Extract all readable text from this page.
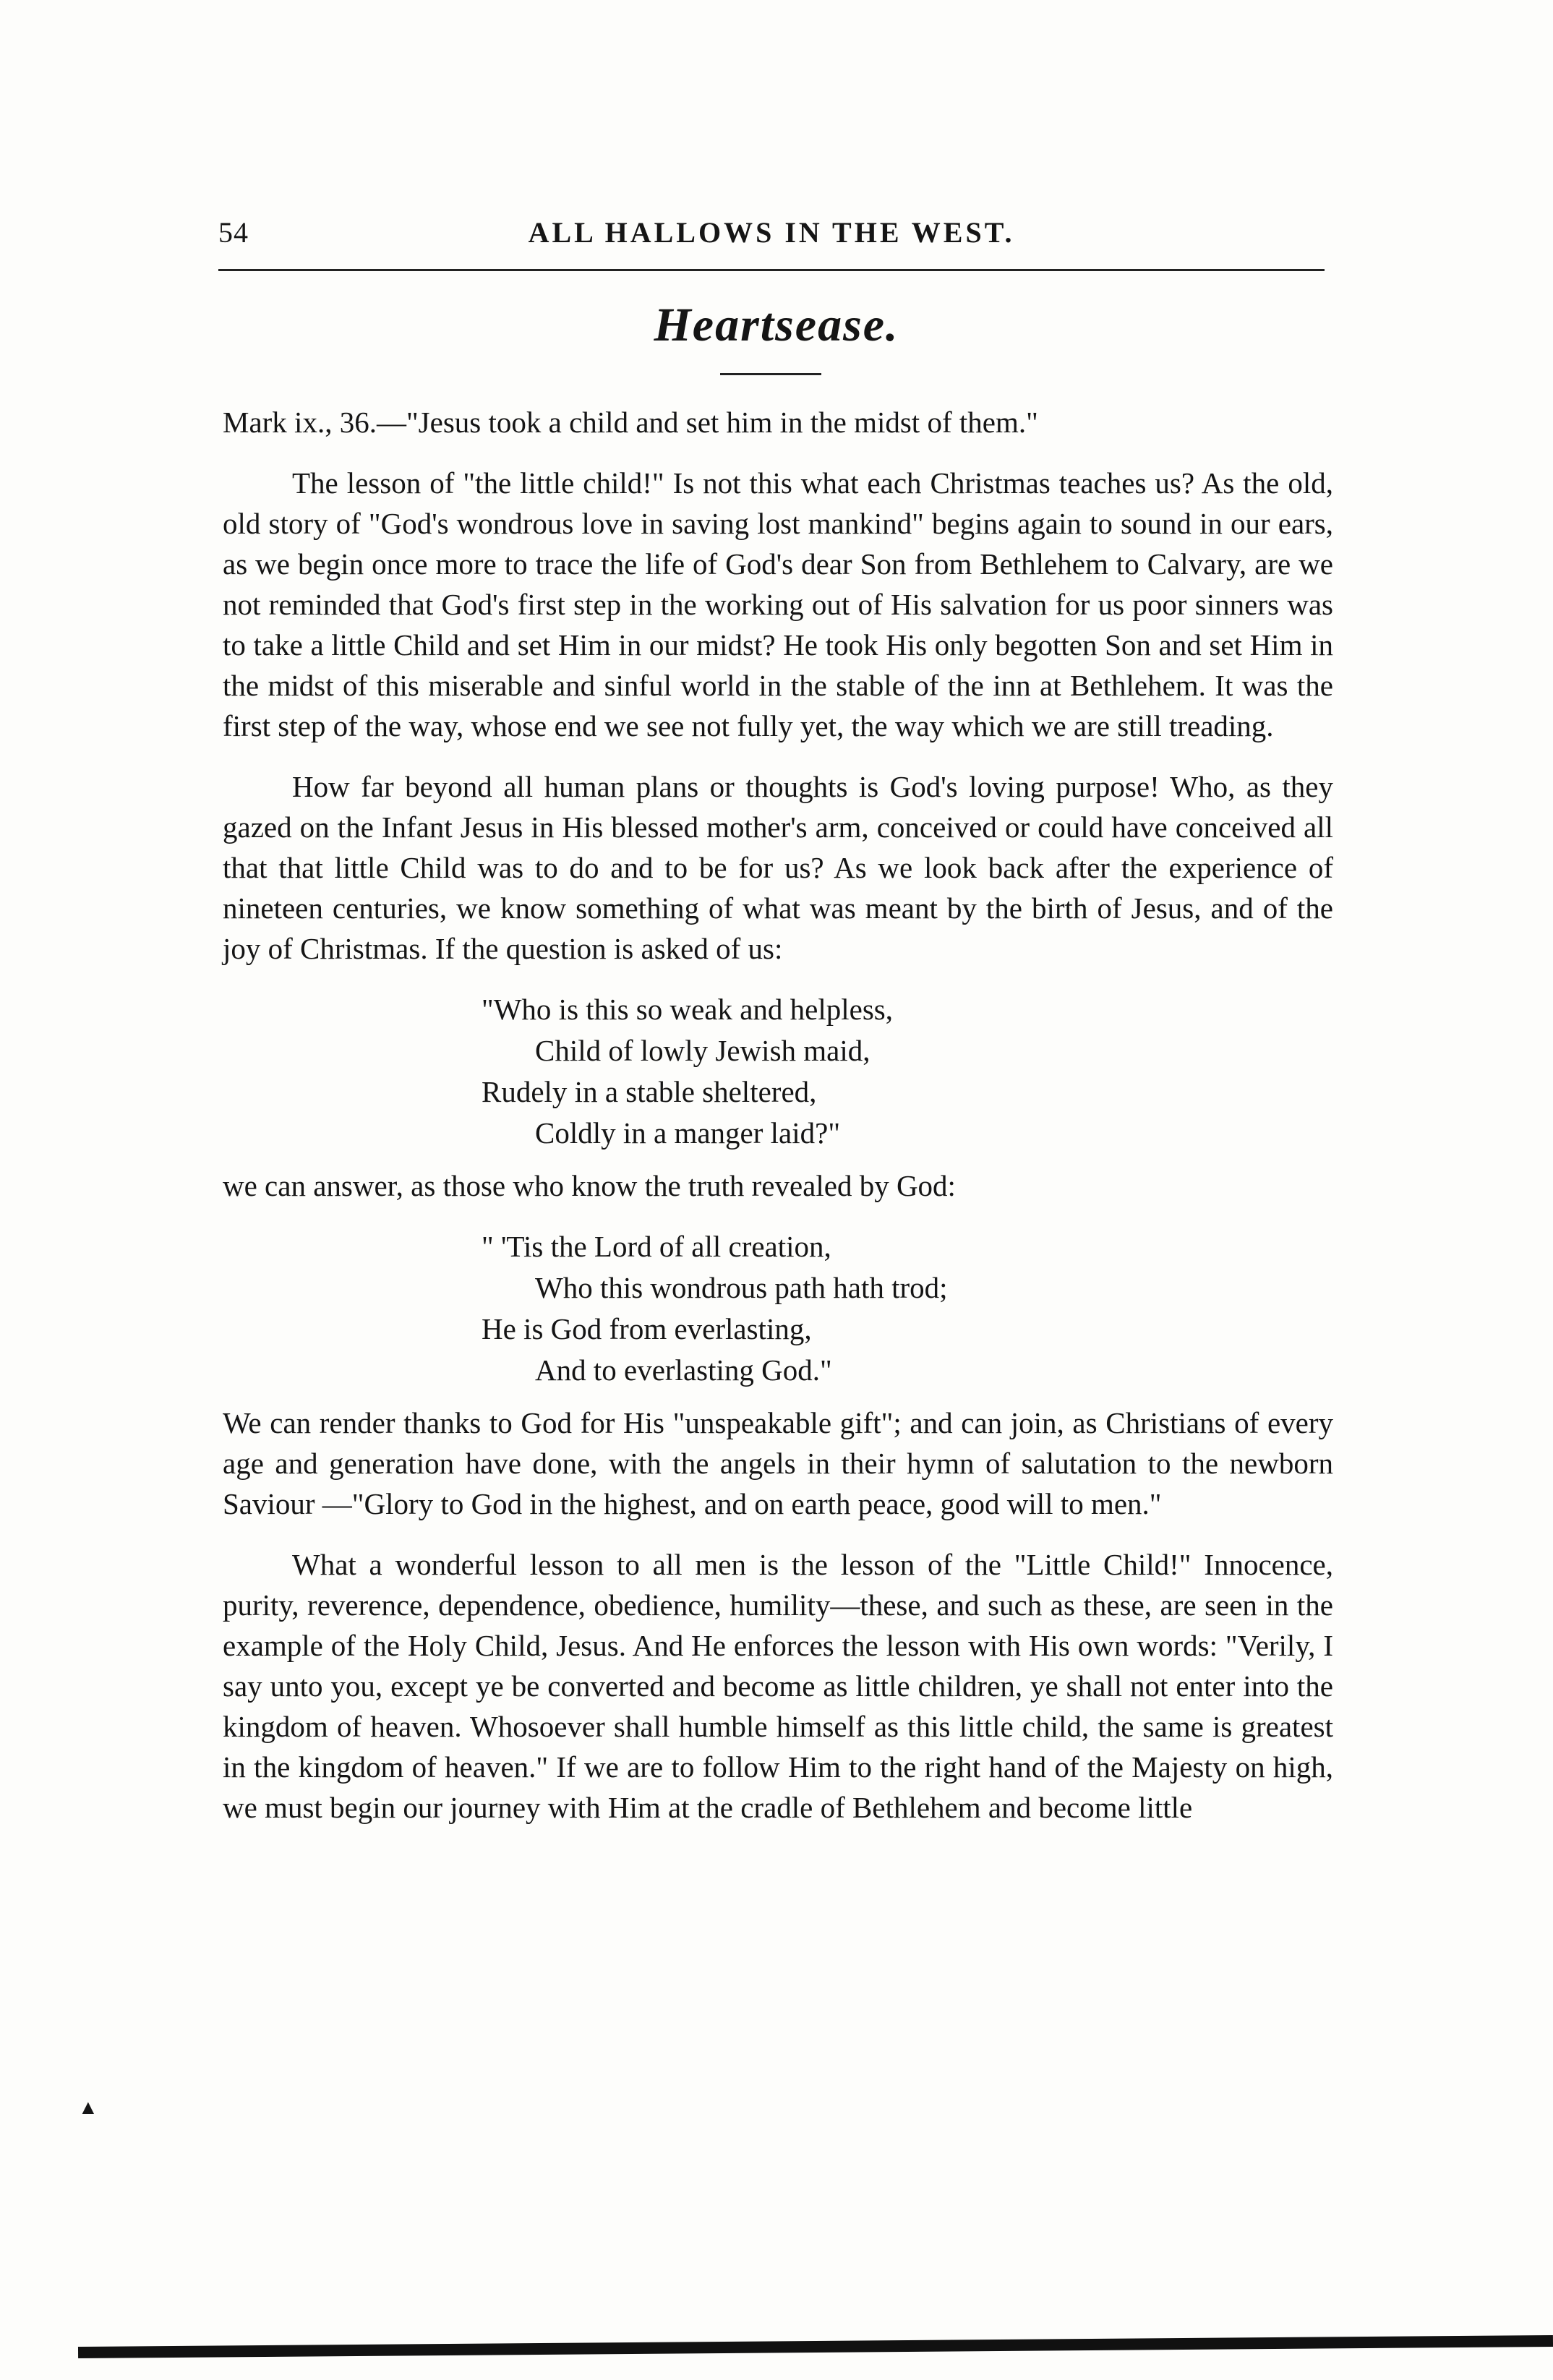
54	ALL HALLOWS IN THE WEST.
Heartsease.

Mark ix., 36.—"Jesus took a child and set him in the midst of them."

The lesson of "the little child!" Is not this what each Christmas teaches us? As the old, old story of "God's wondrous love in saving lost mankind" begins again to sound in our ears, as we begin once more to trace the life of God's dear Son from Bethlehem to Calvary, are we not reminded that God's first step in the working out of His salvation for us poor sinners was to take a little Child and set Him in our midst? He took His only begotten Son and set Him in the midst of this miserable and sinful world in the stable of the inn at Bethlehem. It was the first step of the way, whose end we see not fully yet, the way which we are still treading.

How far beyond all human plans or thoughts is God's loving purpose! Who, as they gazed on the Infant Jesus in His blessed mother's arm, conceived or could have conceived all that that little Child was to do and to be for us? As we look back after the experience of nineteen centuries, we know something of what was meant by the birth of Jesus, and of the joy of Christmas. If the question is asked of us:

"Who is this so weak and helpless,
Child of lowly Jewish maid,
Rudely in a stable sheltered,
Coldly in a manger laid?"

we can answer, as those who know the truth revealed by God:

" 'Tis the Lord of all creation,
Who this wondrous path hath trod;
He is God from everlasting,
And to everlasting God."

We can render thanks to God for His "unspeakable gift"; and can join, as Christians of every age and generation have done, with the angels in their hymn of salutation to the newborn Saviour —"Glory to God in the highest, and on earth peace, good will to men."

What a wonderful lesson to all men is the lesson of the "Little Child!" Innocence, purity, reverence, dependence, obedience, humility—these, and such as these, are seen in the example of the Holy Child, Jesus. And He enforces the lesson with His own words: "Verily, I say unto you, except ye be converted and become as little children, ye shall not enter into the kingdom of heaven. Whosoever shall humble himself as this little child, the same is greatest in the kingdom of heaven." If we are to follow Him to the right hand of the Majesty on high, we must begin our journey with Him at the cradle of Bethlehem and become little

▲
